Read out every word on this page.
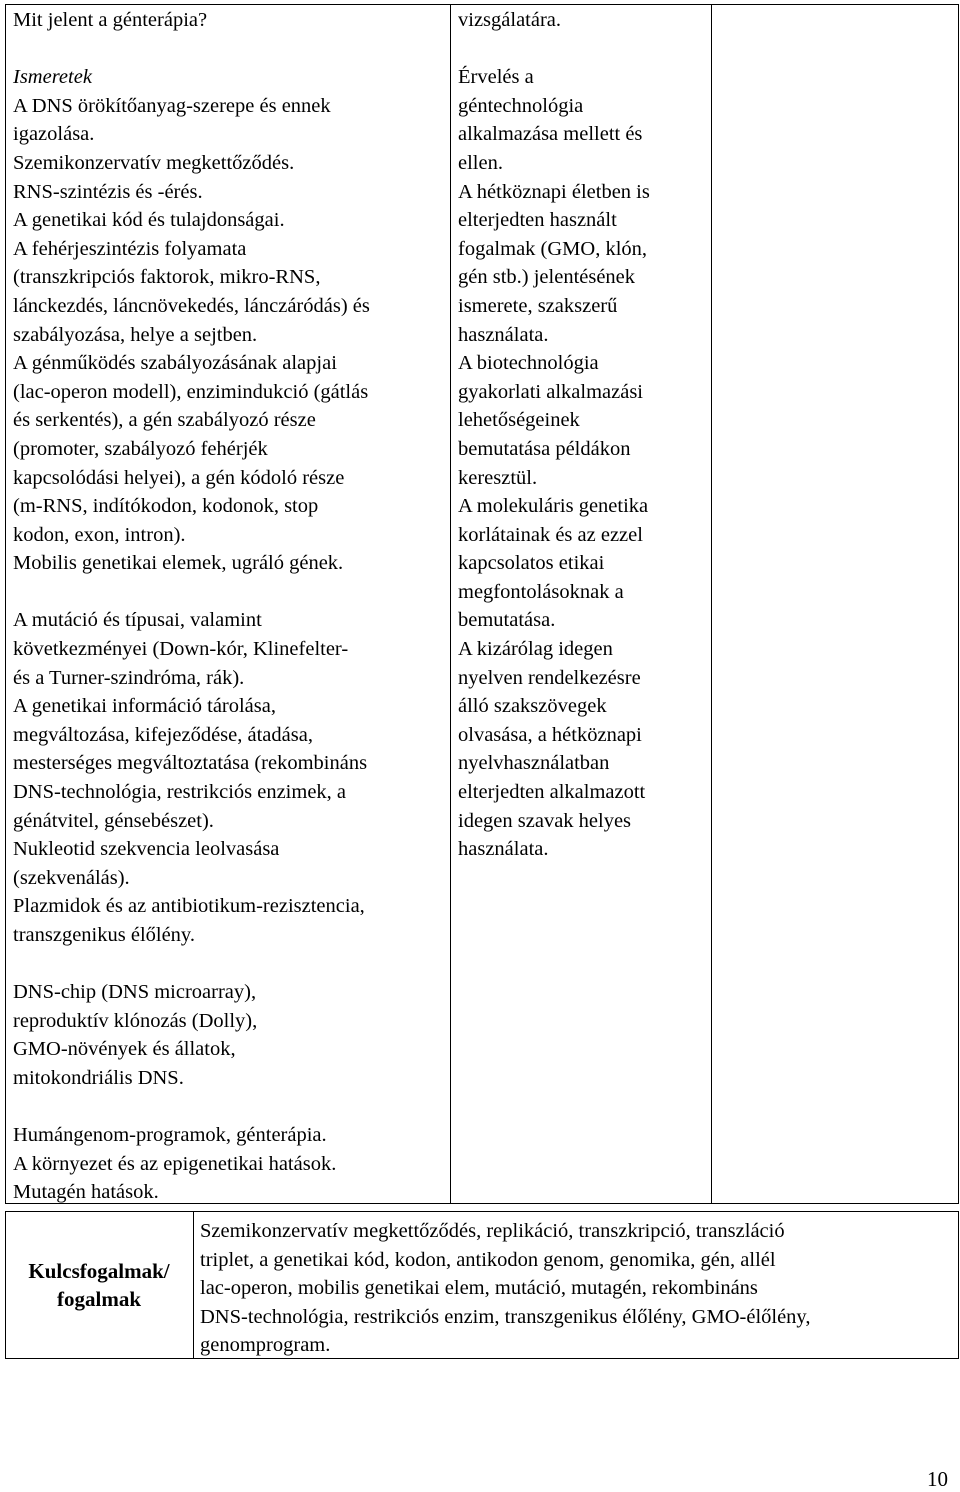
Mit jelent a génterápia?
Ismeretek
A DNS örökítőanyag-szerepe és ennek
igazolása.
Szemikonzervatív megkettőződés.
RNS-szintézis és -érés.
A genetikai kód és tulajdonságai.
A fehérjeszintézis folyamata
(transzkripciós faktorok, mikro-RNS,
lánckezdés, láncnövekedés, lánczáródás) és
szabályozása, helye a sejtben.
A génműködés szabályozásának alapjai
(lac-operon modell), enzimindukció (gátlás
és serkentés), a gén szabályozó része
(promoter, szabályozó fehérjék
kapcsolódási helyei), a gén kódoló része
(m-RNS, indítókodon, kodonok, stop
kodon, exon, intron).
Mobilis genetikai elemek, ugráló gének.
A mutáció és típusai, valamint
következményei (Down-kór, Klinefelter-
és a Turner-szindróma, rák).
A genetikai információ tárolása,
megváltozása, kifejeződése, átadása,
mesterséges megváltoztatása (rekombináns
DNS-technológia, restrikciós enzimek, a
génátvitel, génsebészet).
Nukleotid szekvencia leolvasása
(szekvenálás).
Plazmidok és az antibiotikum-rezisztencia,
transzgenikus élőlény.
DNS-chip (DNS microarray),
reproduktív klónozás (Dolly),
GMO-növények és állatok,
mitokondriális DNS.
Humángenom-programok, génterápia.
A környezet és az epigenetikai hatások.
Mutagén hatások.
vizsgálatára.
Érvelés a
géntechnológia
alkalmazása mellett és
ellen.
A hétköznapi életben is
elterjedten használt
fogalmak (GMO, klón,
gén stb.) jelentésének
ismerete, szakszerű
használata.
A biotechnológia
gyakorlati alkalmazási
lehetőségeinek
bemutatása példákon
keresztül.
A molekuláris genetika
korlátainak és az ezzel
kapcsolatos etikai
megfontolásoknak a
bemutatása.
A kizárólag idegen
nyelven rendelkezésre
álló szakszövegek
olvasása, a hétköznapi
nyelvhasználatban
elterjedten alkalmazott
idegen szavak helyes
használata.
Kulcsfogalmak/
fogalmak
Szemikonzervatív megkettőződés, replikáció, transzkripció, transzláció
triplet, a genetikai kód, kodon, antikodon genom, genomika, gén, allél
lac-operon, mobilis genetikai elem, mutáció, mutagén, rekombináns
DNS-technológia, restrikciós enzim, transzgenikus élőlény, GMO-élőlény,
genomprogram.
10
